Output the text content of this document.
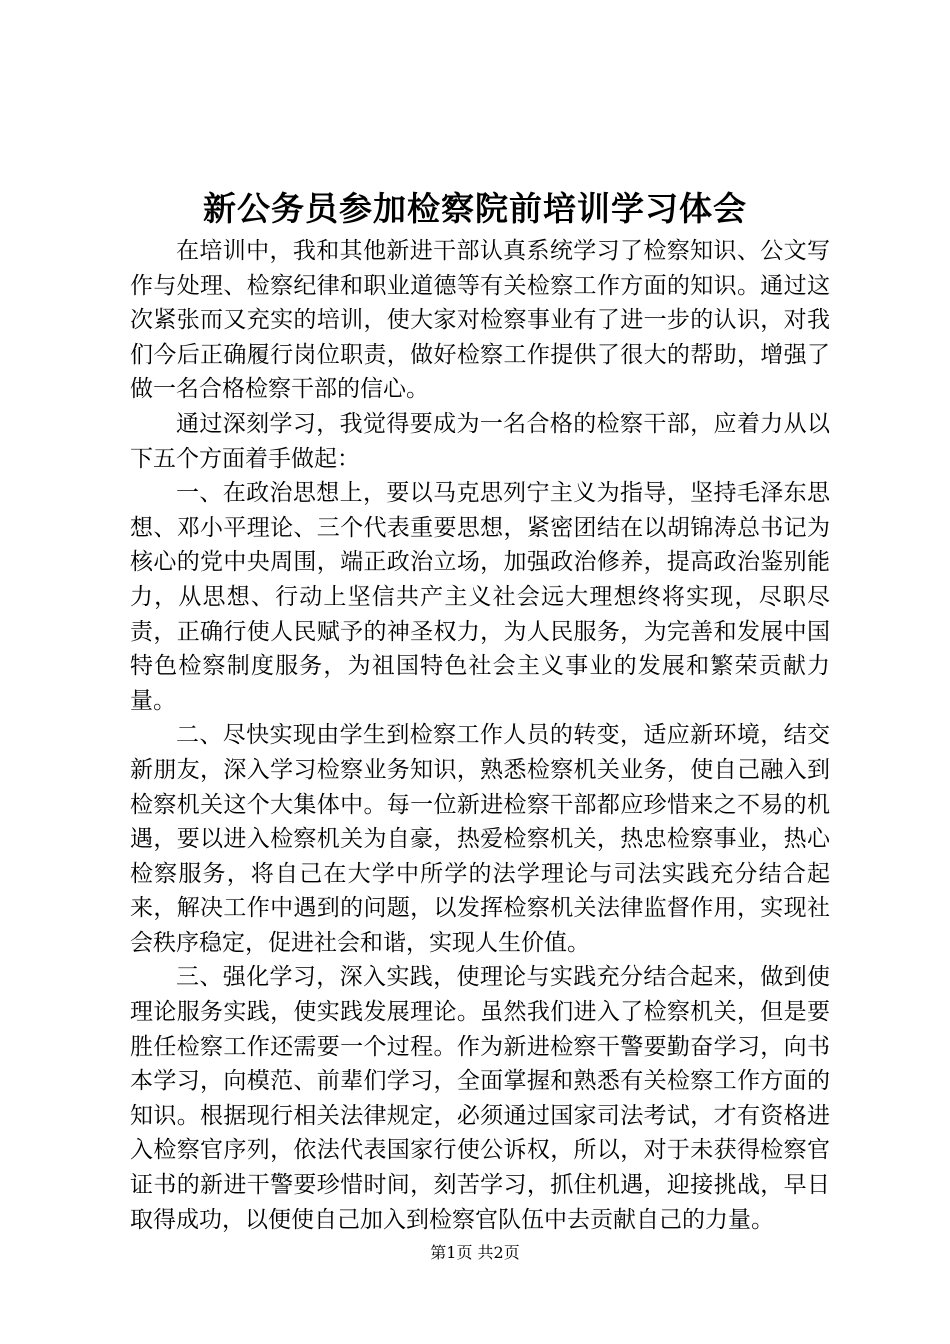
新公务员参加检察院前培训学习体会

在培训中，我和其他新进干部认真系统学习了检察知识、公文写作与处理、检察纪律和职业道德等有关检察工作方面的知识。通过这次紧张而又充实的培训，使大家对检察事业有了进一步的认识，对我们今后正确履行岗位职责，做好检察工作提供了很大的帮助，增强了做一名合格检察干部的信心。

通过深刻学习，我觉得要成为一名合格的检察干部，应着力从以下五个方面着手做起：

一、在政治思想上，要以马克思列宁主义为指导，坚持毛泽东思想、邓小平理论、三个代表重要思想，紧密团结在以胡锦涛总书记为核心的党中央周围，端正政治立场，加强政治修养，提高政治鉴别能力，从思想、行动上坚信共产主义社会远大理想终将实现，尽职尽责，正确行使人民赋予的神圣权力，为人民服务，为完善和发展中国特色检察制度服务，为祖国特色社会主义事业的发展和繁荣贡献力量。

二、尽快实现由学生到检察工作人员的转变，适应新环境，结交新朋友，深入学习检察业务知识，熟悉检察机关业务，使自己融入到检察机关这个大集体中。每一位新进检察干部都应珍惜来之不易的机遇，要以进入检察机关为自豪，热爱检察机关，热忠检察事业，热心检察服务，将自己在大学中所学的法学理论与司法实践充分结合起来，解决工作中遇到的问题，以发挥检察机关法律监督作用，实现社会秩序稳定，促进社会和谐，实现人生价值。

三、强化学习，深入实践，使理论与实践充分结合起来，做到使理论服务实践，使实践发展理论。虽然我们进入了检察机关，但是要胜任检察工作还需要一个过程。作为新进检察干警要勤奋学习，向书本学习，向模范、前辈们学习，全面掌握和熟悉有关检察工作方面的知识。根据现行相关法律规定，必须通过国家司法考试，才有资格进入检察官序列，依法代表国家行使公诉权，所以，对于未获得检察官证书的新进干警要珍惜时间，刻苦学习，抓住机遇，迎接挑战，早日取得成功，以便使自己加入到检察官队伍中去贡献自己的力量。

第1页 共2页
